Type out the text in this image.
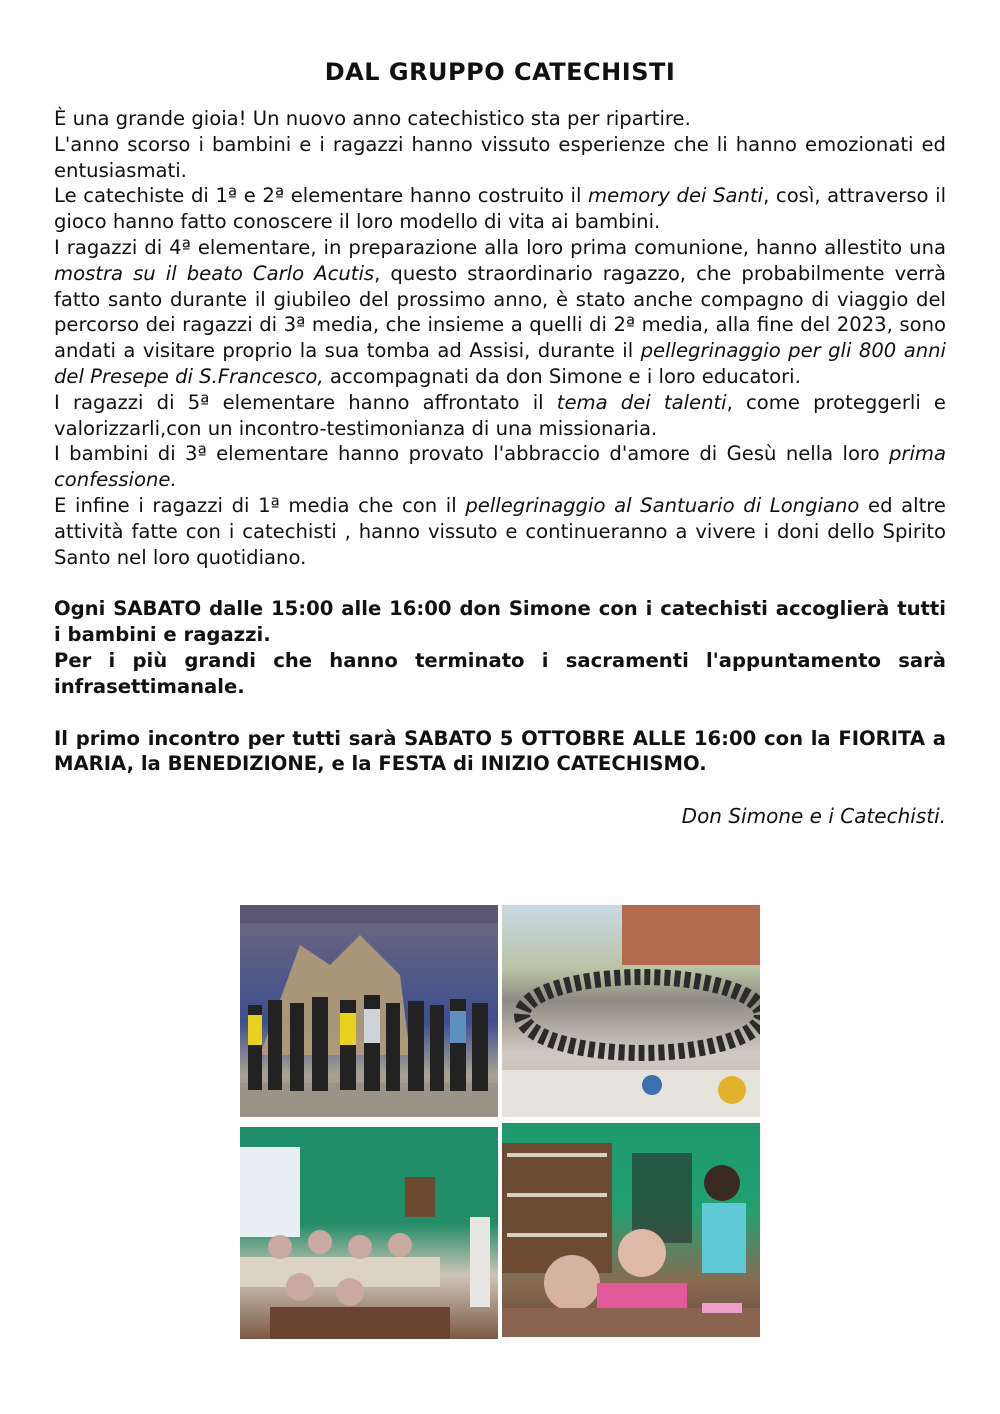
DAL GRUPPO CATECHISTI

È una grande gioia! Un nuovo anno catechistico sta per ripartire.

L'anno scorso i bambini e i ragazzi hanno vissuto esperienze che li hanno emozionati ed entusiasmati.

Le catechiste di 1ª e 2ª elementare hanno costruito il memory dei Santi, così, attraverso il gioco hanno fatto conoscere il loro modello di vita ai bambini.

I ragazzi di 4ª elementare, in preparazione alla loro prima comunione, hanno allestito una mostra su il beato Carlo Acutis, questo straordinario ragazzo, che probabilmente verrà fatto santo durante il giubileo del prossimo anno, è stato anche compagno di viaggio del percorso dei ragazzi di 3ª media, che insieme a quelli di 2ª media, alla fine del 2023, sono andati a visitare proprio la sua tomba ad Assisi, durante il pellegrinaggio per gli 800 anni del Presepe di S.Francesco, accompagnati da don Simone e i loro educatori.

I ragazzi di 5ª elementare hanno affrontato il tema dei talenti, come proteggerli e valorizzarli,con un incontro-testimonianza di una missionaria.

I bambini di 3ª elementare hanno provato l'abbraccio d'amore di Gesù nella loro prima confessione.

E infine i ragazzi di 1ª media che con il pellegrinaggio al Santuario di Longiano ed altre attività fatte con i catechisti , hanno vissuto e continueranno a vivere i doni dello Spirito Santo nel loro quotidiano.

Ogni SABATO dalle 15:00 alle 16:00 don Simone con i catechisti accoglierà tutti i bambini e ragazzi.

Per i più grandi che hanno terminato i sacramenti l'appuntamento sarà infrasettimanale.

Il primo incontro per tutti sarà SABATO 5 OTTOBRE ALLE 16:00 con la FIORITA a MARIA, la BENEDIZIONE, e la FESTA di INIZIO CATECHISMO.

Don Simone e i Catechisti.
